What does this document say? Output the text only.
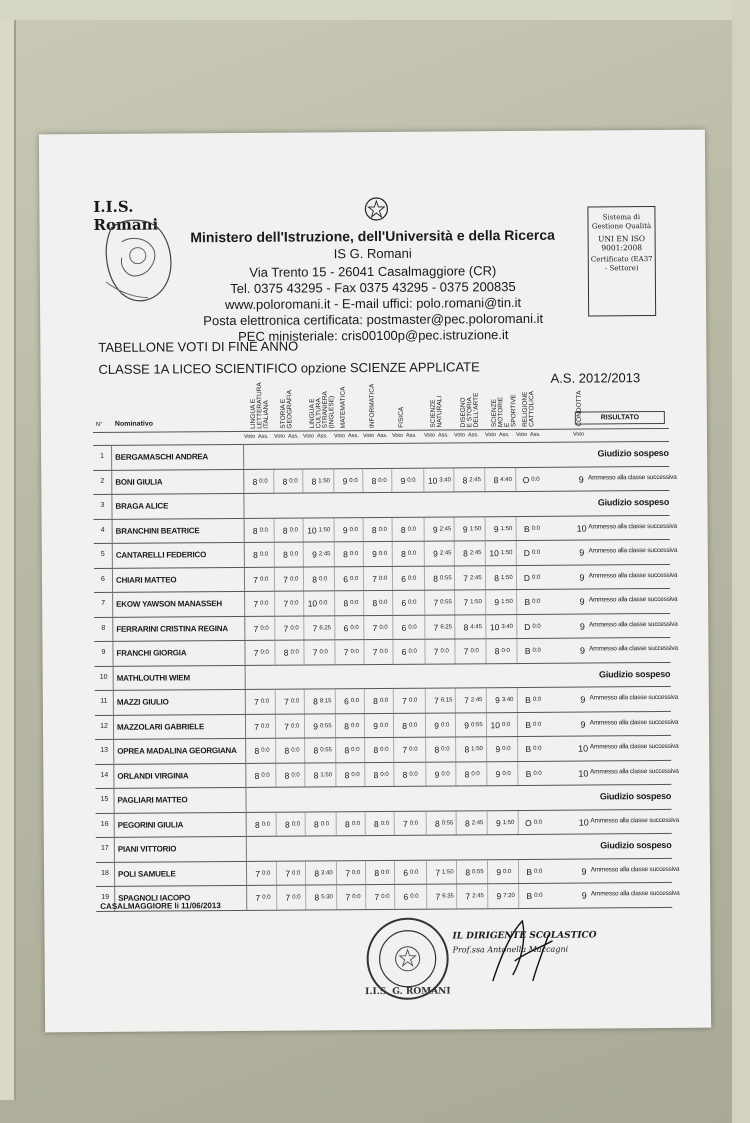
I.I.S. Romani
Ministero dell'Istruzione, dell'Università e della Ricerca
IS G. Romani
Via Trento 15 - 26041 Casalmaggiore (CR)
Tel. 0375 43295 - Fax 0375 43295 - 0375 200835
www.poloromani.it - E-mail uffici: polo.romani@tin.it
Posta elettronica certificata: postmaster@pec.poloromani.it
PEC ministeriale: cris00100p@pec.istruzione.it
Sistema di Gestione Qualità
UNI EN ISO 9001:2008
Certificato (EA37 - Settore)
TABELLONE VOTI DI FINE ANNO
CLASSE 1A LICEO SCIENTIFICO opzione SCIENZE APPLICATE
A.S. 2012/2013
N° Nominativo
RISULTATO
LINGUA E LETTERATURA ITALIANA STORIA E GEOGRAFIA LINGUA E CULTURA STRANIERA (INGLESE) MATEMATICA	INFORMATICA	FISICA	SCIENZE NATURALI	DISEGNO E STORIA DELL'ARTE SCIENZE MOTORIE E SPORTIVE RELIGIONE CATTOLICA	CONDOTTA
Voto Ass. Voto Ass. Voto Ass. Voto Ass. Voto Ass. Voto Ass. Voto Ass. Voto Ass. Voto Ass. Voto Ass.	Voto
1	BERGAMASCHI ANDREA	Giudizio sospeso
2	BONI GIULIA	8 0:0	8 0:0	8 1:50	9 0:0	8 0:0	9 0:0	10 3:40	8 2:45	8 4:40	O 0:0	9 Ammesso alla classe successiva
3	BRAGA ALICE	Giudizio sospeso
4	BRANCHINI BEATRICE	8 0:0	8 0:0	10 1:50	9 0:0	8 0:0	8 0:0	9 2:45	9 1:50	9 1:50	B 0:0	10 Ammesso alla classe successiva
5	CANTARELLI FEDERICO	8 0:0	8 0:0	9 2:45	8 0:0	9 0:0	8 0:0	9 2:45	8 2:45 10 1:50	D 0:0	9 Ammesso alla classe successiva
6	CHIARI MATTEO	7 0:0	7 0:0	8 0:0	6 0:0	7 0:0	6 0:0	8 0:55	7 2:45	8 1:50	D 0:0	9 Ammesso alla classe successiva
7	EKOW YAWSON MANASSEH	7 0:0	7 0:0	10 0:0	8 0:0	8 0:0	6 0:0	7 0:55	7 1:50	9 1:50	B 0:0	9 Ammesso alla classe successiva
8	FERRARINI CRISTINA REGINA	7 0:0	7 0:0	7 6:25	6 0:0	7 0:0	6 0:0	7 6:25	8 4:45 10 3:40	D 0:0	9 Ammesso alla classe successiva
9	FRANCHI GIORGIA	7 0:0	8 0:0	7 0:0	7 0:0	7 0:0	6 0:0	7 0:0	7 0:0	8 0:0	B 0:0	9 Ammesso alla classe successiva
10	MATHLOUTHI WIEM	Giudizio sospeso
11	MAZZI GIULIO	7 0:0	7 0:0	8 8:15	6 0:0	8 0:0	7 0:0	7 6:15	7 2:45	9 3:40	B 0:0	9 Ammesso alla classe successiva
12	MAZZOLARI GABRIELE	7 0:0	7 0:0	9 0:55	8 0:0	9 0:0	8 0:0	9 0:0	9 0:55 10 0:0	B 0:0	9 Ammesso alla classe successiva
13	OPREA MADALINA GEORGIANA	8 0:0	8 0:0	8 0:55	8 0:0	8 0:0	7 0:0	8 0:0	8 1:50	9 0:0	B 0:0	10 Ammesso alla classe successiva
14	ORLANDI VIRGINIA	8 0:0	8 0:0	8 1:50	8 0:0	8 0:0	8 0:0	9 0:0	8 0:0	9 0:0	B 0:0	10 Ammesso alla classe successiva
15	PAGLIARI MATTEO	Giudizio sospeso
16	PEGORINI GIULIA	8 0:0	8 0:0	8 0:0	8 0:0	8 0:0	7 0:0	8 0:55	8 2:45	9 1:50	O 0:0	10 Ammesso alla classe successiva
17	PIANI VITTORIO	Giudizio sospeso
18	POLI SAMUELE	7 0:0	7 0:0	8 3:40	7 0:0	8 0:0	6 0:0	7 1:50	8 0:55	9 0:0	B 0:0	9 Ammesso alla classe successiva
19	SPAGNOLI IACOPO	7 0:0	7 0:0	8 5:30	7 0:0	7 0:0	6 0:0	7 6:35	7 2:45	9 7:20	B 0:0	9 Ammesso alla classe successiva
CASALMAGGIORE li 11/06/2013
I.I.S. G. ROMANI
IL DIRIGENTE SCOLASTICO
Prof.ssa Antonella Maccagni
